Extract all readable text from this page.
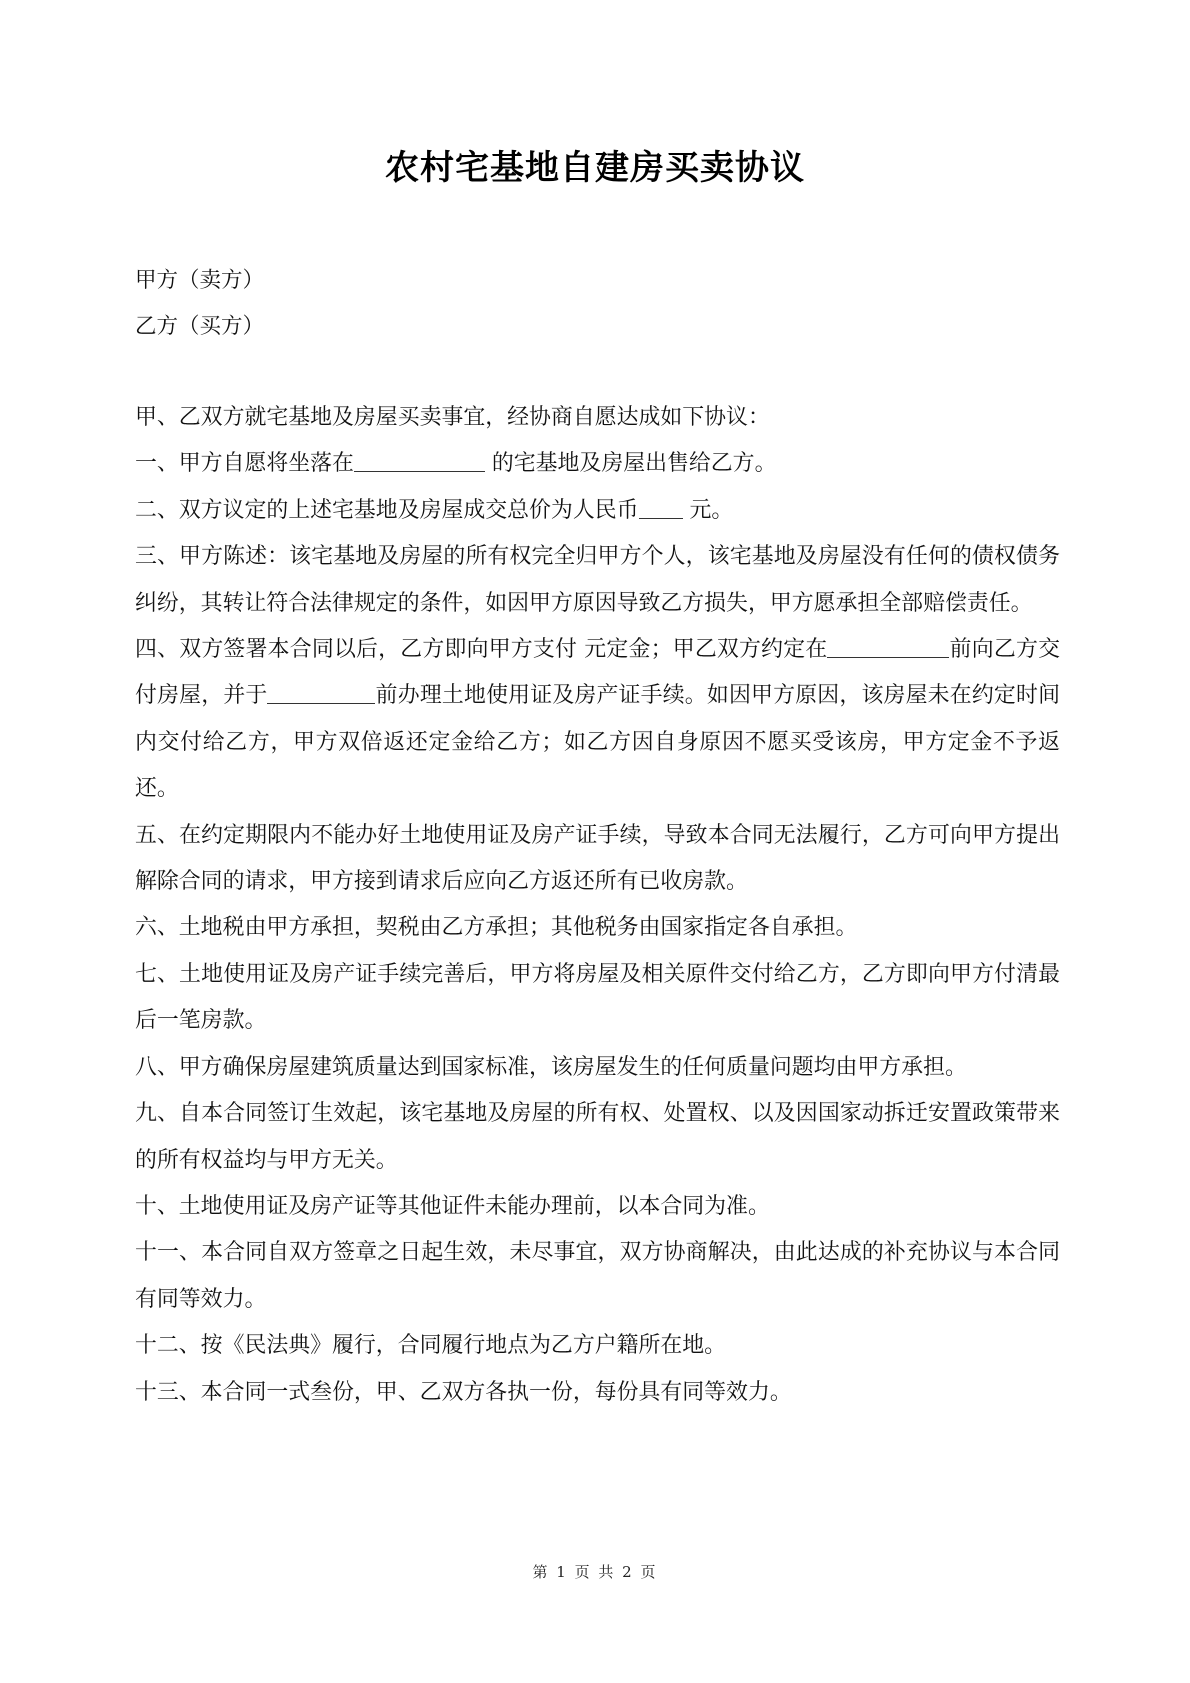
农村宅基地自建房买卖协议
甲方（卖方）
乙方（买方）

甲、乙双方就宅基地及房屋买卖事宜，经协商自愿达成如下协议：

一、甲方自愿将坐落在	的宅基地及房屋出售给乙方。

二、双方议定的上述宅基地及房屋成交总价为人民币 元。

三、甲方陈述：该宅基地及房屋的所有权完全归甲方个人，该宅基地及房屋没有任何的债权债务纠纷，其转让符合法律规定的条件，如因甲方原因导致乙方损失，甲方愿承担全部赔偿责任。

四、双方签署本合同以后，乙方即向甲方支付 元定金；甲乙双方约定在	前向乙方交付房屋，并于	前办理土地使用证及房产证手续。如因甲方原因，该房屋未在约定时间内交付给乙方，甲方双倍返还定金给乙方；如乙方因自身原因不愿买受该房，甲方定金不予返还。

五、在约定期限内不能办好土地使用证及房产证手续，导致本合同无法履行，乙方可向甲方提出解除合同的请求，甲方接到请求后应向乙方返还所有已收房款。

六、土地税由甲方承担，契税由乙方承担；其他税务由国家指定各自承担。

七、土地使用证及房产证手续完善后，甲方将房屋及相关原件交付给乙方，乙方即向甲方付清最后一笔房款。

八、甲方确保房屋建筑质量达到国家标准，该房屋发生的任何质量问题均由甲方承担。

九、自本合同签订生效起，该宅基地及房屋的所有权、处置权、以及因国家动拆迁安置政策带来的所有权益均与甲方无关。

十、土地使用证及房产证等其他证件未能办理前，以本合同为准。

十一、本合同自双方签章之日起生效，未尽事宜，双方协商解决，由此达成的补充协议与本合同有同等效力。

十二、按《民法典》履行，合同履行地点为乙方户籍所在地。

十三、本合同一式叁份，甲、乙双方各执一份，每份具有同等效力。

第 1 页 共 2 页
